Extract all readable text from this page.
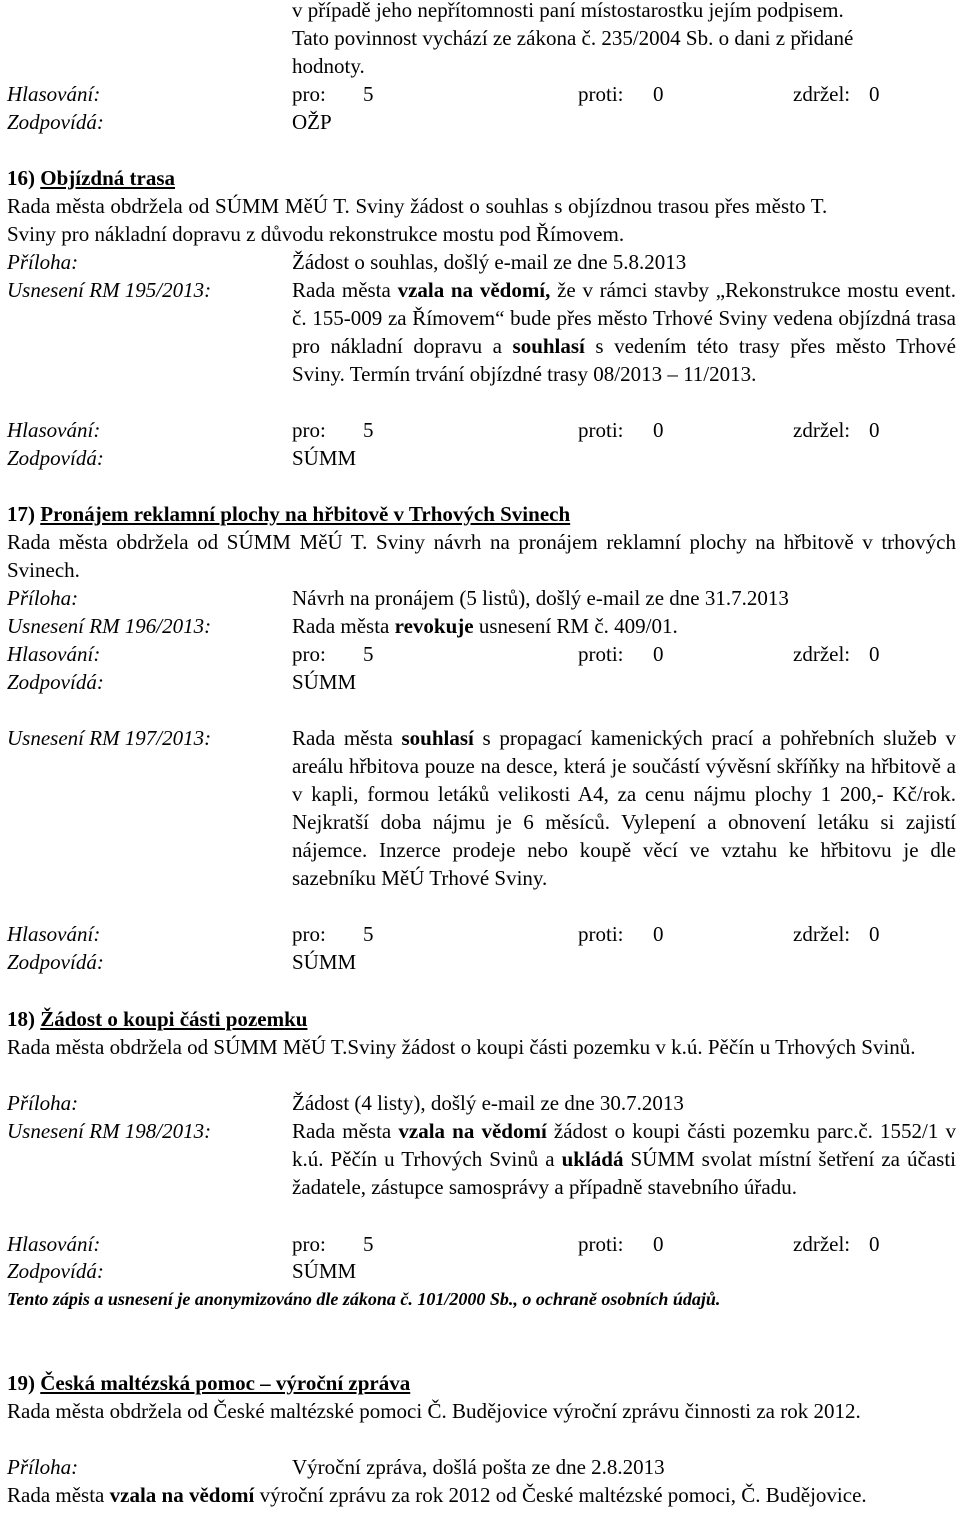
v případě jeho nepřítomnosti paní místostarostku jejím podpisem.
Tato povinnost vychází ze zákona č. 235/2004 Sb. o dani z přidané
hodnoty.
Hlasování:	pro: 5	proti: 0	zdržel: 0
Zodpovídá:	OŽP
16) Objízdná trasa
Rada města obdržela od SÚMM MěÚ T. Sviny žádost o souhlas s objízdnou trasou přes město T.
Sviny pro nákladní dopravu z důvodu rekonstrukce mostu pod Římovem.
Příloha:	Žádost o souhlas, došlý e-mail ze dne 5.8.2013
Usnesení RM 195/2013:	Rada města vzala na vědomí, že v rámci stavby „Rekonstrukce mostu event. č. 155-009 za Římovem“ bude přes město Trhové Sviny vedena objízdná trasa pro nákladní dopravu a souhlasí s vedením této trasy přes město Trhové Sviny. Termín trvání objízdné trasy 08/2013 – 11/2013.

Hlasování:	pro: 5	proti: 0	zdržel: 0
Zodpovídá:	SÚMM
17) Pronájem reklamní plochy na hřbitově v Trhových Svinech

Rada města obdržela od SÚMM MěÚ T. Sviny návrh na pronájem reklamní plochy na hřbitově v trhových Svinech.

Příloha:	Návrh na pronájem (5 listů), došlý e-mail ze dne 31.7.2013
Usnesení RM 196/2013:	Rada města revokuje usnesení RM č. 409/01.
Hlasování:	pro: 5	proti: 0	zdržel: 0
Zodpovídá:	SÚMM
Usnesení RM 197/2013:	Rada města souhlasí s propagací kamenických prací a pohřebních služeb v areálu hřbitova pouze na desce, která je součástí vývěsní skříňky na hřbitově a v kapli, formou letáků velikosti A4, za cenu nájmu plochy 1 200,- Kč/rok. Nejkratší doba nájmu je 6 měsíců. Vylepení a obnovení letáku si zajistí nájemce. Inzerce prodeje nebo koupě věcí ve vztahu ke hřbitovu je dle sazebníku MěÚ Trhové Sviny.

Hlasování:	pro: 5	proti: 0	zdržel: 0
Zodpovídá:	SÚMM
18) Žádost o koupi části pozemku

Rada města obdržela od SÚMM MěÚ T.Sviny žádost o koupi části pozemku v k.ú. Pěčín u Trhových Svinů.

Příloha:	Žádost (4 listy), došlý e-mail ze dne 30.7.2013
Usnesení RM 198/2013:	Rada města vzala na vědomí žádost o koupi části pozemku parc.č. 1552/1 v k.ú. Pěčín u Trhových Svinů a ukládá SÚMM svolat místní šetření za účasti žadatele, zástupce samosprávy a případně stavebního úřadu.

Hlasování:	pro: 5	proti: 0	zdržel: 0
Zodpovídá:	SÚMM
Tento zápis a usnesení je anonymizováno dle zákona č. 101/2000 Sb., o ochraně osobních údajů.
19) Česká maltézská pomoc – výroční zpráva

Rada města obdržela od České maltézské pomoci Č. Budějovice výroční zprávu činnosti za rok 2012.

Příloha:	Výroční zpráva, došlá pošta ze dne 2.8.2013

Rada města vzala na vědomí výroční zprávu za rok 2012 od České maltézské pomoci, Č. Budějovice.
